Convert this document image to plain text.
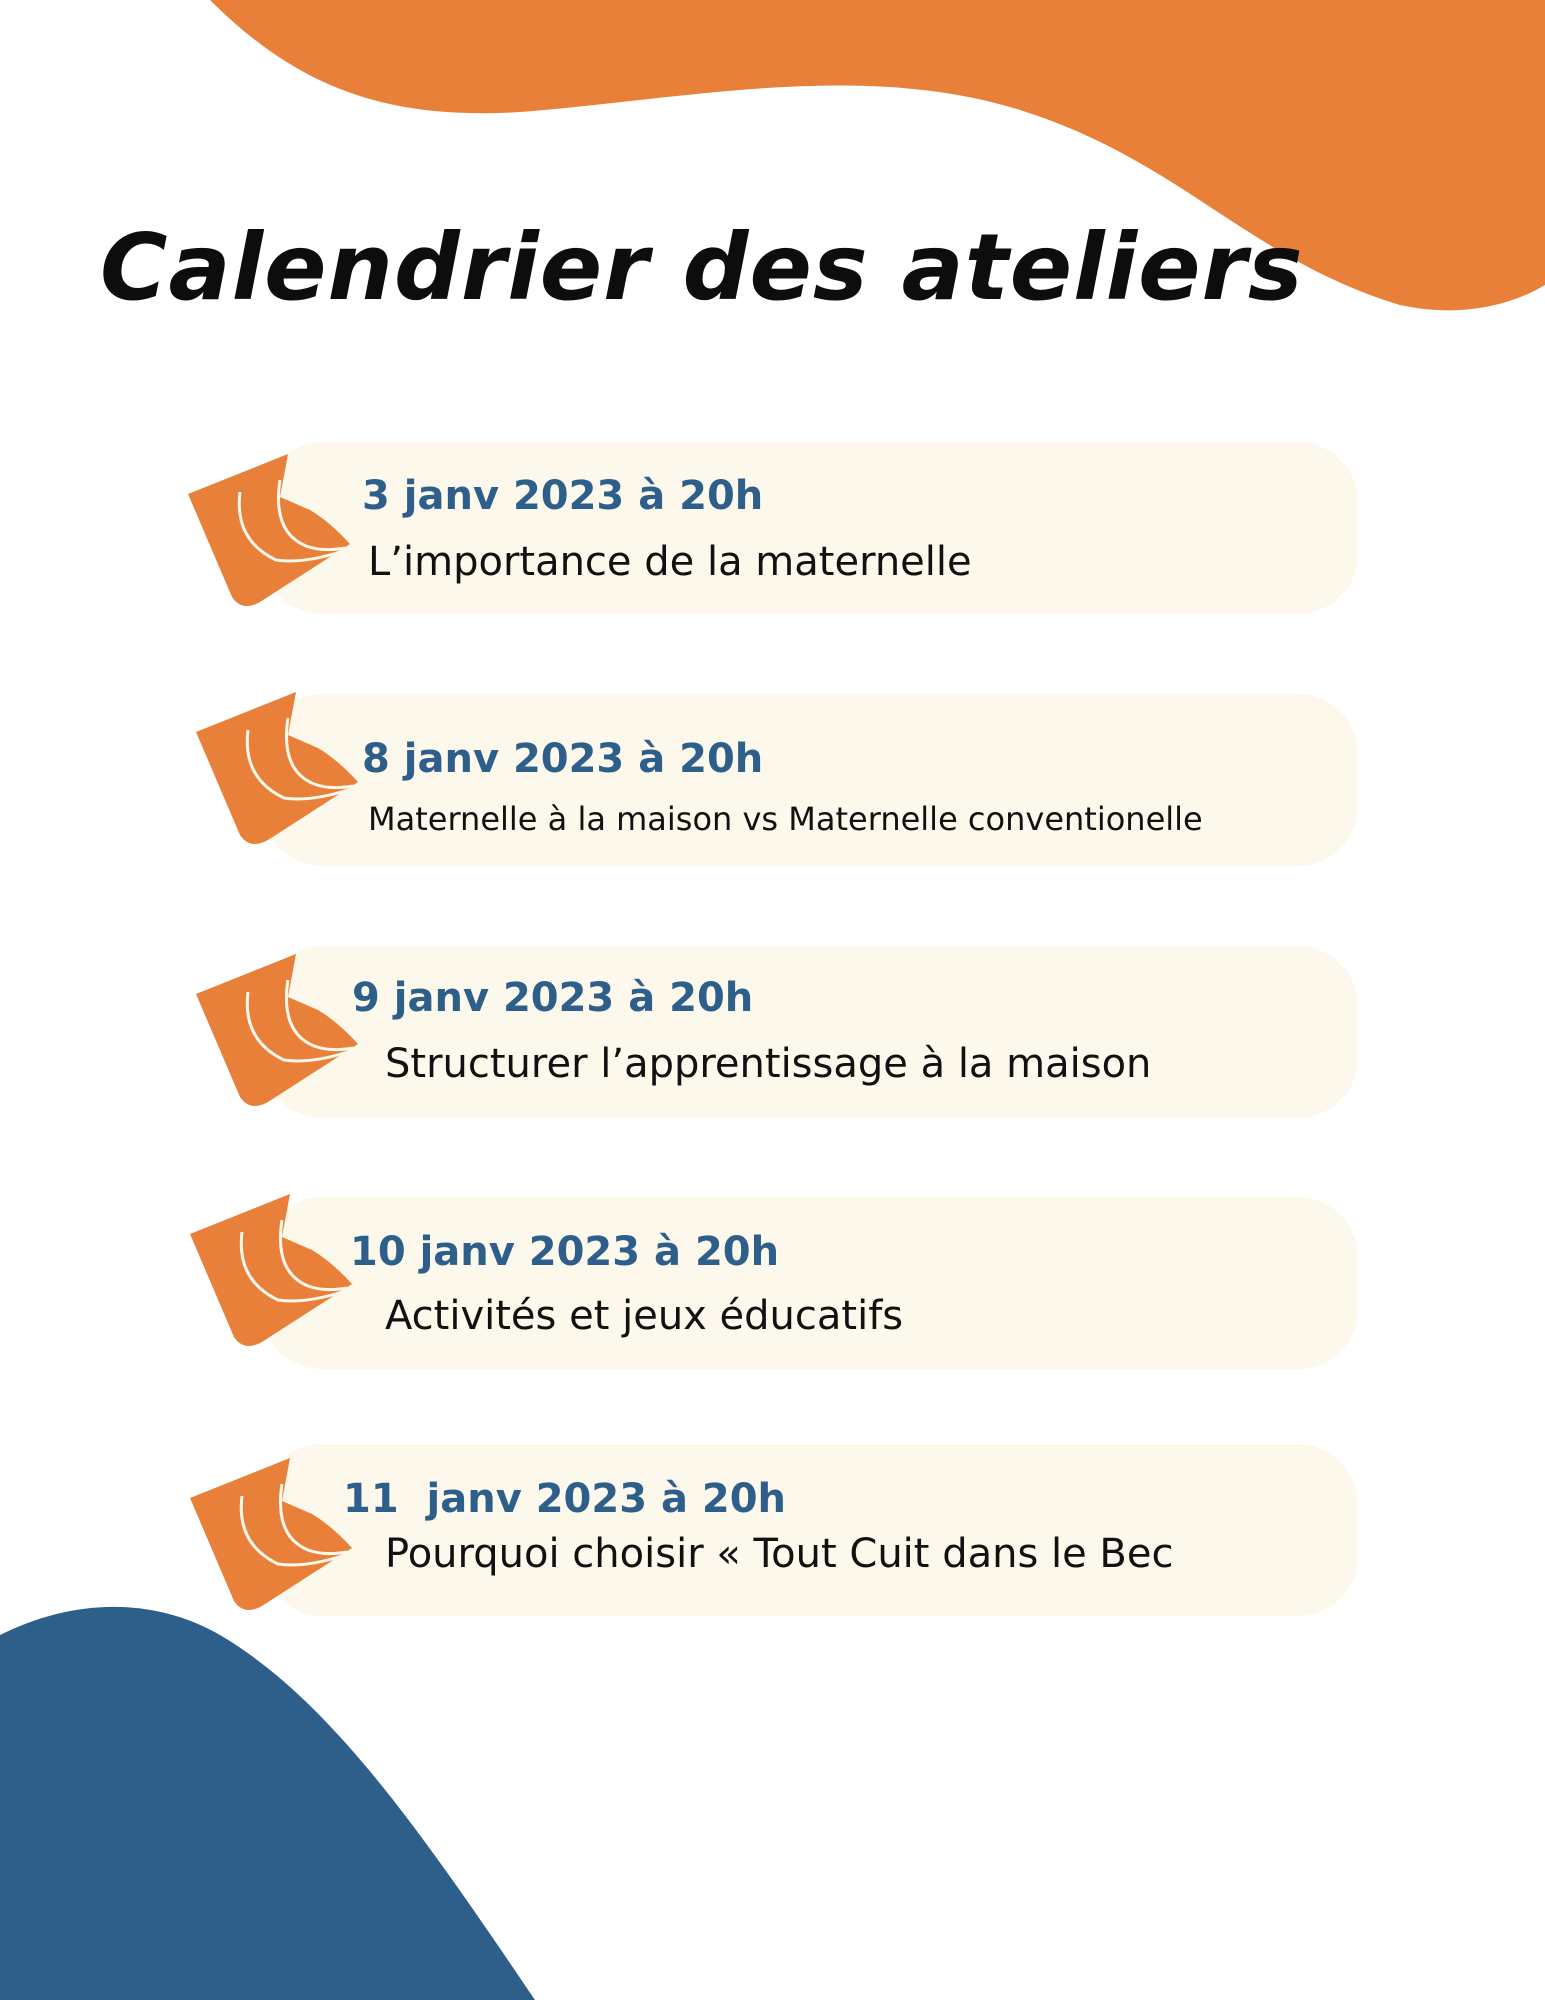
Calendrier des ateliers

3 janv 2023 à 20h

L’importance de la maternelle

8 janv 2023 à 20h

Maternelle à la maison vs Maternelle conventionelle

9 janv 2023 à 20h

Structurer l’apprentissage à la maison

10 janv 2023 à 20h

Activités et jeux éducatifs

11  janv 2023 à 20h

Pourquoi choisir « Tout Cuit dans le Bec
